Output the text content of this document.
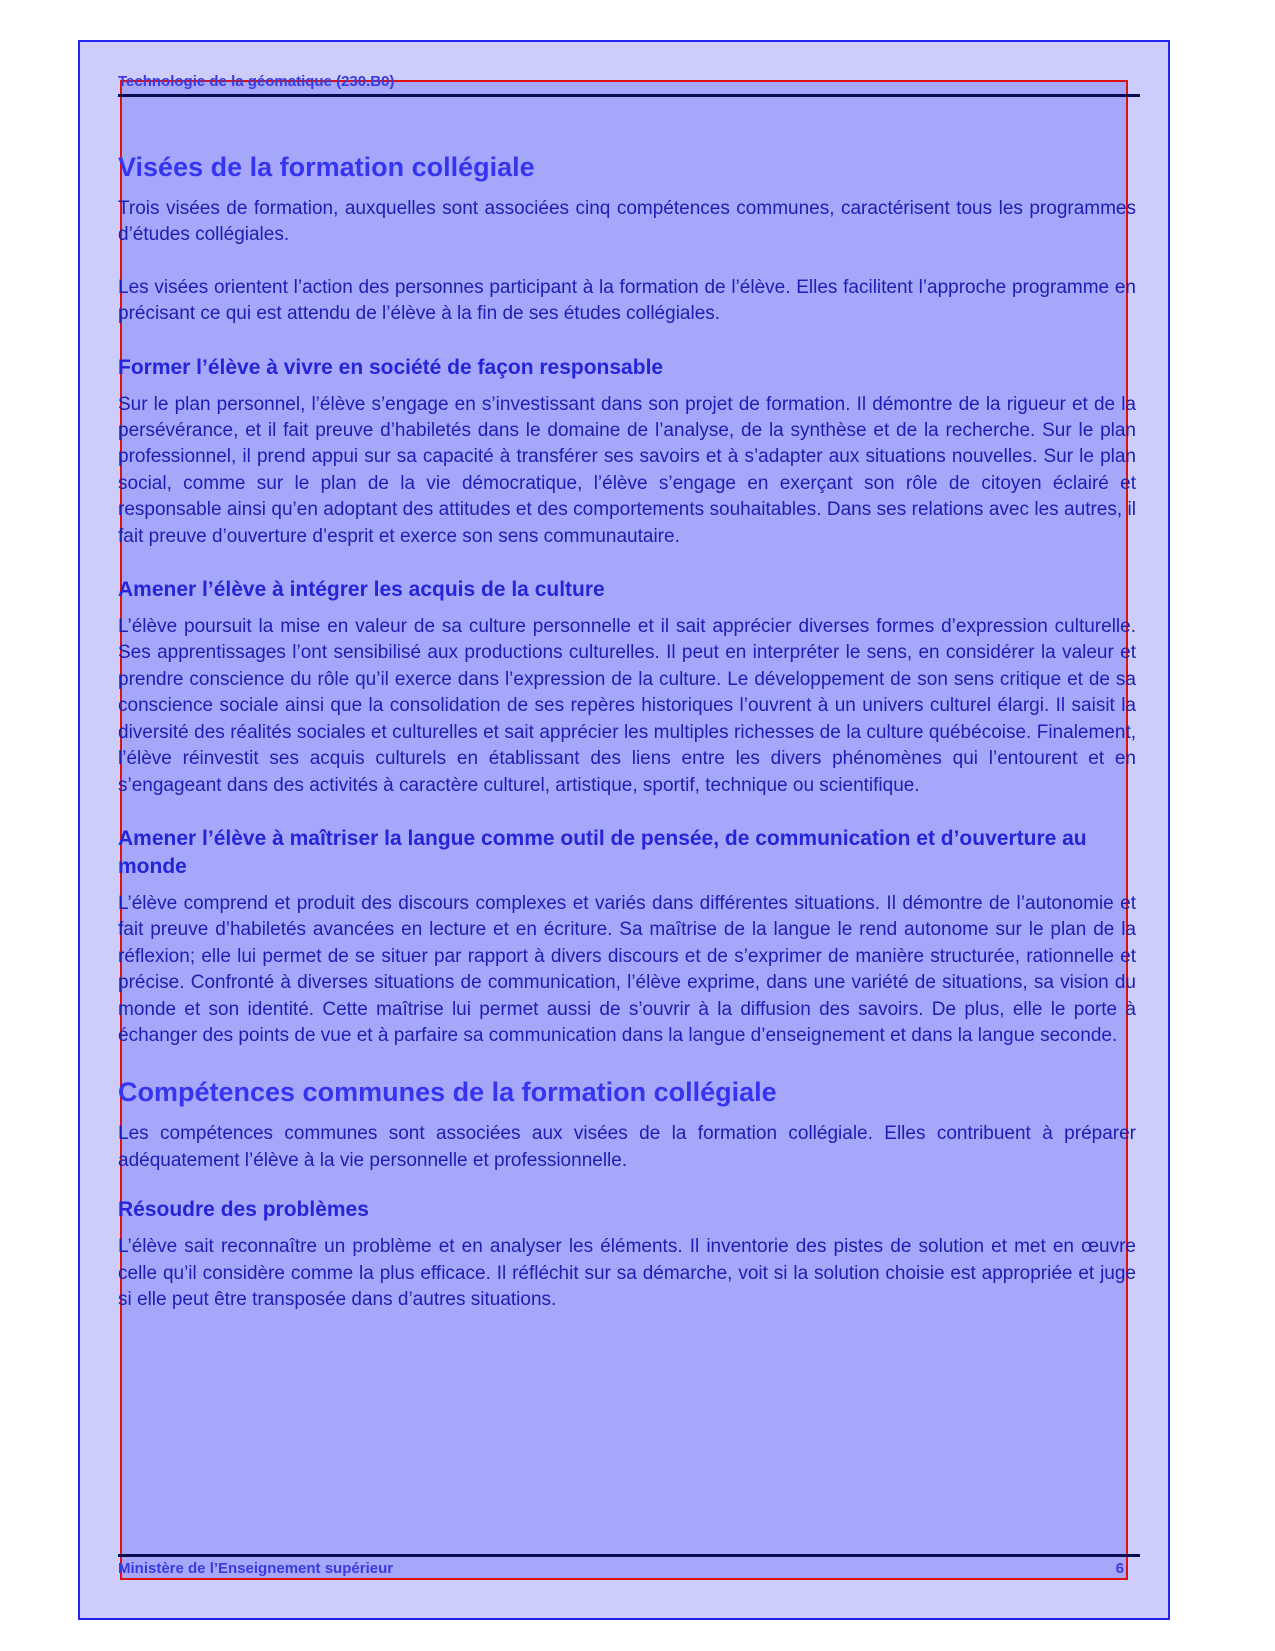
Technologie de la géomatique (230.B0)
Visées de la formation collégiale

Trois visées de formation, auxquelles sont associées cinq compétences communes, caractérisent tous les programmes d’études collégiales.

Les visées orientent l’action des personnes participant à la formation de l’élève. Elles facilitent l’approche programme en précisant ce qui est attendu de l’élève à la fin de ses études collégiales.

Former l’élève à vivre en société de façon responsable

Sur le plan personnel, l’élève s’engage en s’investissant dans son projet de formation. Il démontre de la rigueur et de la persévérance, et il fait preuve d’habiletés dans le domaine de l’analyse, de la synthèse et de la recherche. Sur le plan professionnel, il prend appui sur sa capacité à transférer ses savoirs et à s’adapter aux situations nouvelles. Sur le plan social, comme sur le plan de la vie démocratique, l’élève s’engage en exerçant son rôle de citoyen éclairé et responsable ainsi qu’en adoptant des attitudes et des comportements souhaitables. Dans ses relations avec les autres, il fait preuve d’ouverture d’esprit et exerce son sens communautaire.

Amener l’élève à intégrer les acquis de la culture

L’élève poursuit la mise en valeur de sa culture personnelle et il sait apprécier diverses formes d’expression culturelle. Ses apprentissages l’ont sensibilisé aux productions culturelles. Il peut en interpréter le sens, en considérer la valeur et prendre conscience du rôle qu’il exerce dans l’expression de la culture. Le développement de son sens critique et de sa conscience sociale ainsi que la consolidation de ses repères historiques l’ouvrent à un univers culturel élargi. Il saisit la diversité des réalités sociales et culturelles et sait apprécier les multiples richesses de la culture québécoise. Finalement, l’élève réinvestit ses acquis culturels en établissant des liens entre les divers phénomènes qui l’entourent et en s’engageant dans des activités à caractère culturel, artistique, sportif, technique ou scientifique.

Amener l’élève à maîtriser la langue comme outil de pensée, de communication et d’ouverture au monde

L’élève comprend et produit des discours complexes et variés dans différentes situations. Il démontre de l’autonomie et fait preuve d’habiletés avancées en lecture et en écriture. Sa maîtrise de la langue le rend autonome sur le plan de la réflexion; elle lui permet de se situer par rapport à divers discours et de s’exprimer de manière structurée, rationnelle et précise. Confronté à diverses situations de communication, l’élève exprime, dans une variété de situations, sa vision du monde et son identité. Cette maîtrise lui permet aussi de s’ouvrir à la diffusion des savoirs. De plus, elle le porte à échanger des points de vue et à parfaire sa communication dans la langue d’enseignement et dans la langue seconde.

Compétences communes de la formation collégiale

Les compétences communes sont associées aux visées de la formation collégiale. Elles contribuent à préparer adéquatement l’élève à la vie personnelle et professionnelle.

Résoudre des problèmes

L’élève sait reconnaître un problème et en analyser les éléments. Il inventorie des pistes de solution et met en œuvre celle qu’il considère comme la plus efficace. Il réfléchit sur sa démarche, voit si la solution choisie est appropriée et juge si elle peut être transposée dans d’autres situations.

Ministère de l’Enseignement supérieur	6
